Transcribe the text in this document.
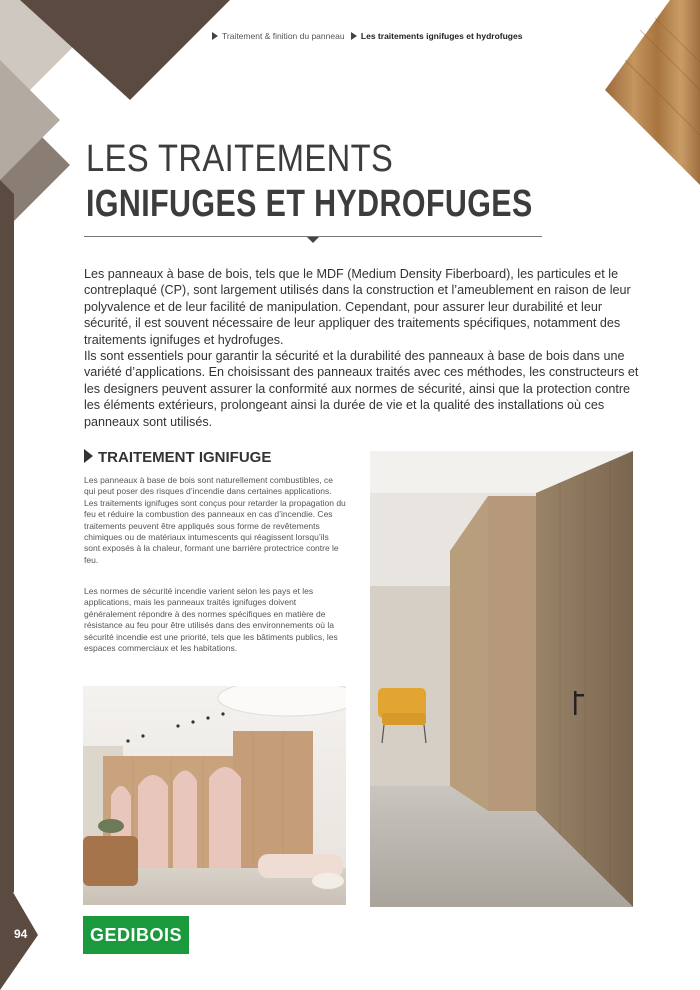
Traitement & finition du panneau Les traitements ignifuges et hydrofuges
LES TRAITEMENTS
IGNIFUGES ET HYDROFUGES

Les panneaux à base de bois, tels que le MDF (Medium Density Fiberboard), les particules et le contreplaqué (CP), sont largement utilisés dans la construction et l’ameublement en raison de leur polyvalence et de leur facilité de manipulation. Cependant, pour assurer leur durabilité et leur sécurité, il est souvent nécessaire de leur appliquer des traitements spécifiques, notamment des traitements ignifuges et hydrofuges.

Ils sont essentiels pour garantir la sécurité et la durabilité des panneaux à base de bois dans une variété d’applications. En choisissant des panneaux traités avec ces méthodes, les constructeurs et les designers peuvent assurer la conformité aux normes de sécurité, ainsi que la protection contre les éléments extérieurs, prolongeant ainsi la durée de vie et la qualité des installations où ces panneaux sont utilisés.

TRAITEMENT IGNIFUGE

Les panneaux à base de bois sont naturellement combustibles, ce qui peut poser des risques d’incendie dans certaines applications. Les traitements ignifuges sont conçus pour retarder la propagation du feu et réduire la combustion des panneaux en cas d’incendie. Ces traitements peuvent être appliqués sous forme de revêtements chimiques ou de matériaux intumescents qui réagissent lorsqu’ils sont exposés à la chaleur, formant une barrière protectrice contre le feu.

Les normes de sécurité incendie varient selon les pays et les applications, mais les panneaux traités ignifuges doivent généralement répondre à des normes spécifiques en matière de résistance au feu pour être utilisés dans des environnements où la sécurité incendie est une priorité, tels que les bâtiments publics, les espaces commerciaux et les habitations.

94	GEDIBOIS
